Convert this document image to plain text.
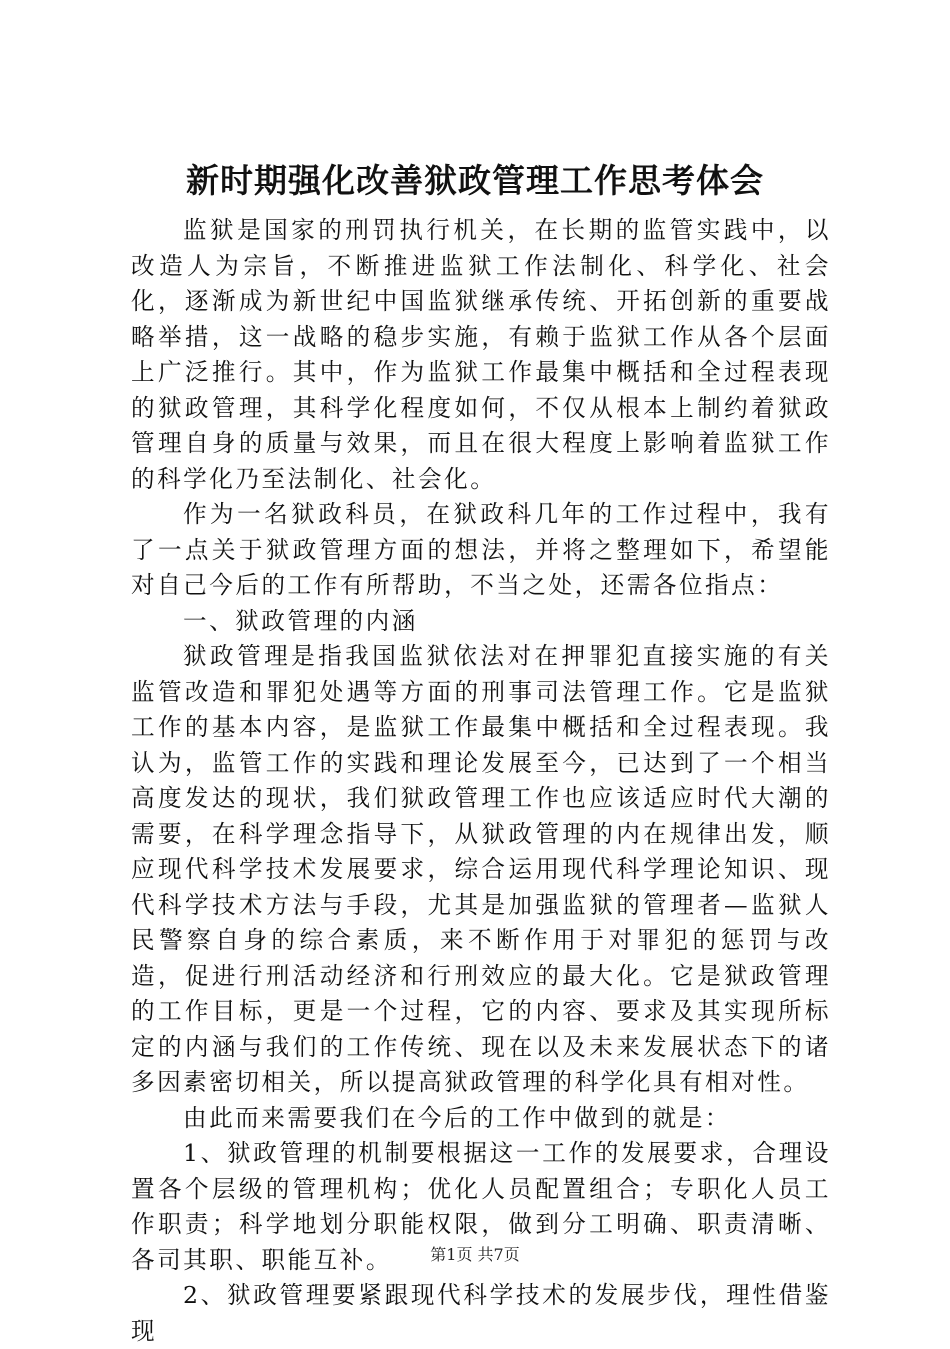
新时期强化改善狱政管理工作思考体会

监狱是国家的刑罚执行机关，在长期的监管实践中，以改造人为宗旨，不断推进监狱工作法制化、科学化、社会化，逐渐成为新世纪中国监狱继承传统、开拓创新的重要战略举措，这一战略的稳步实施，有赖于监狱工作从各个层面上广泛推行。其中，作为监狱工作最集中概括和全过程表现的狱政管理，其科学化程度如何，不仅从根本上制约着狱政管理自身的质量与效果，而且在很大程度上影响着监狱工作的科学化乃至法制化、社会化。

作为一名狱政科员，在狱政科几年的工作过程中，我有了一点关于狱政管理方面的想法，并将之整理如下，希望能对自己今后的工作有所帮助，不当之处，还需各位指点：

一、狱政管理的内涵

狱政管理是指我国监狱依法对在押罪犯直接实施的有关监管改造和罪犯处遇等方面的刑事司法管理工作。它是监狱工作的基本内容，是监狱工作最集中概括和全过程表现。我认为，监管工作的实践和理论发展至今，已达到了一个相当高度发达的现状，我们狱政管理工作也应该适应时代大潮的需要，在科学理念指导下，从狱政管理的内在规律出发，顺应现代科学技术发展要求，综合运用现代科学理论知识、现代科学技术方法与手段，尤其是加强监狱的管理者—监狱人民警察自身的综合素质，来不断作用于对罪犯的惩罚与改造，促进行刑活动经济和行刑效应的最大化。它是狱政管理的工作目标，更是一个过程，它的内容、要求及其实现所标定的内涵与我们的工作传统、现在以及未来发展状态下的诸多因素密切相关，所以提高狱政管理的科学化具有相对性。

由此而来需要我们在今后的工作中做到的就是：

1、狱政管理的机制要根据这一工作的发展要求，合理设置各个层级的管理机构；优化人员配置组合；专职化人员工作职责；科学地划分职能权限，做到分工明确、职责清晰、各司其职、职能互补。

2、狱政管理要紧跟现代科学技术的发展步伐，理性借鉴现

第1页 共7页
